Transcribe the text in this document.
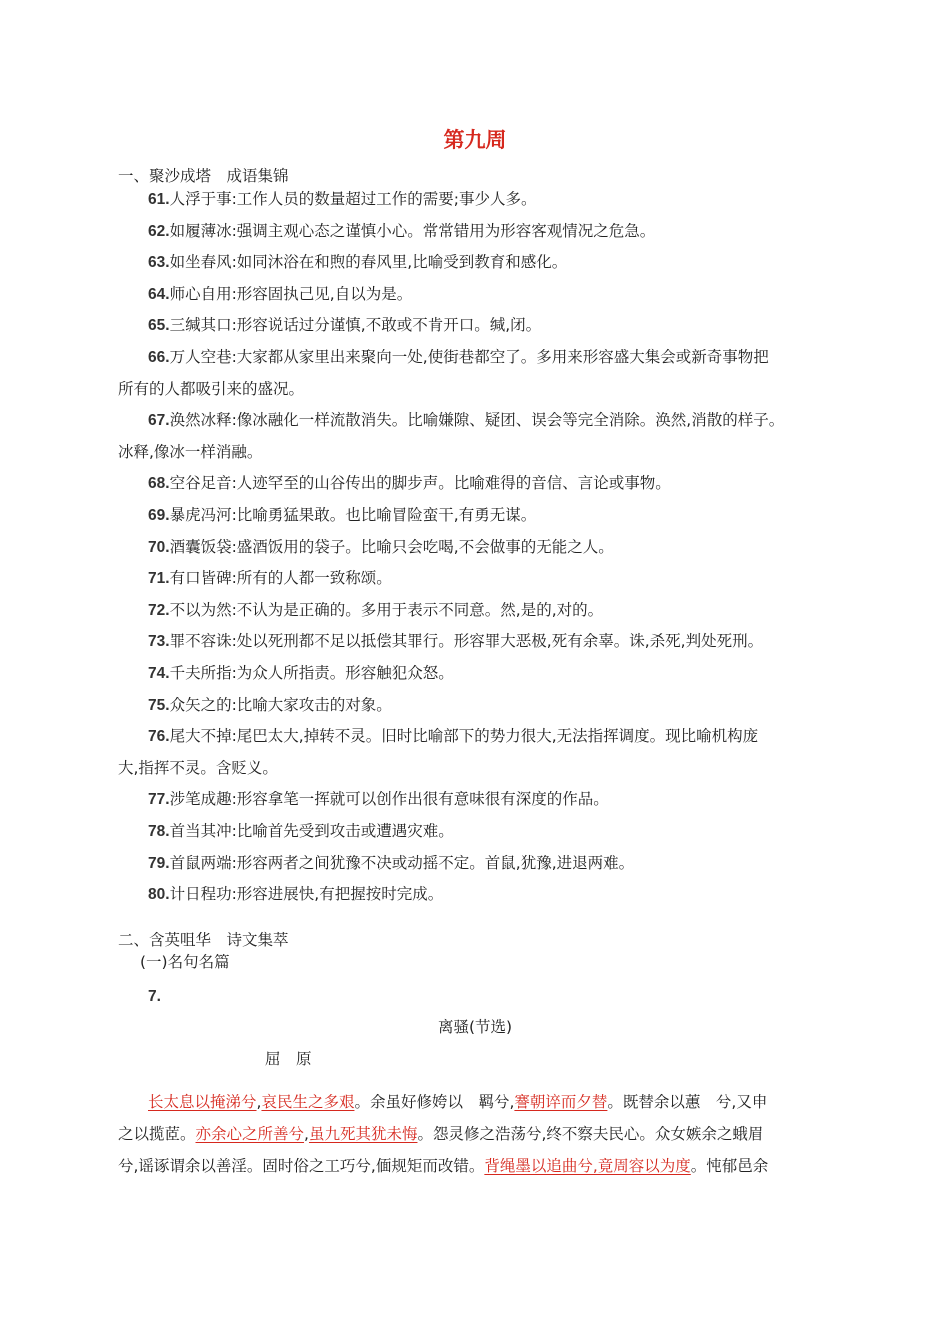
第九周
一、聚沙成塔　成语集锦
61.人浮于事:工作人员的数量超过工作的需要;事少人多。
62.如履薄冰:强调主观心态之谨慎小心。常常错用为形容客观情况之危急。
63.如坐春风:如同沐浴在和煦的春风里,比喻受到教育和感化。
64.师心自用:形容固执己见,自以为是。
65.三缄其口:形容说话过分谨慎,不敢或不肯开口。缄,闭。
66.万人空巷:大家都从家里出来聚向一处,使街巷都空了。多用来形容盛大集会或新奇事物把
所有的人都吸引来的盛况。
67.涣然冰释:像冰融化一样流散消失。比喻嫌隙、疑团、误会等完全消除。涣然,消散的样子。
冰释,像冰一样消融。
68.空谷足音:人迹罕至的山谷传出的脚步声。比喻难得的音信、言论或事物。
69.暴虎冯河:比喻勇猛果敢。也比喻冒险蛮干,有勇无谋。
70.酒囊饭袋:盛酒饭用的袋子。比喻只会吃喝,不会做事的无能之人。
71.有口皆碑:所有的人都一致称颂。
72.不以为然:不认为是正确的。多用于表示不同意。然,是的,对的。
73.罪不容诛:处以死刑都不足以抵偿其罪行。形容罪大恶极,死有余辜。诛,杀死,判处死刑。
74.千夫所指:为众人所指责。形容触犯众怒。
75.众矢之的:比喻大家攻击的对象。
76.尾大不掉:尾巴太大,掉转不灵。旧时比喻部下的势力很大,无法指挥调度。现比喻机构庞
大,指挥不灵。含贬义。
77.涉笔成趣:形容拿笔一挥就可以创作出很有意味很有深度的作品。
78.首当其冲:比喻首先受到攻击或遭遇灾难。
79.首鼠两端:形容两者之间犹豫不决或动摇不定。首鼠,犹豫,进退两难。
80.计日程功:形容进展快,有把握按时完成。
二、含英咀华　诗文集萃
(一)名句名篇
7.
离骚(节选)
屈　原
长太息以掩涕兮,哀民生之多艰。余虽好修姱以　羁兮,謇朝谇而夕替。既替余以蕙　兮,又申
之以揽茝。亦余心之所善兮,虽九死其犹未悔。怨灵修之浩荡兮,终不察夫民心。众女嫉余之蛾眉
兮,谣诼谓余以善淫。固时俗之工巧兮,偭规矩而改错。背绳墨以追曲兮,竟周容以为度。忳郁邑余
